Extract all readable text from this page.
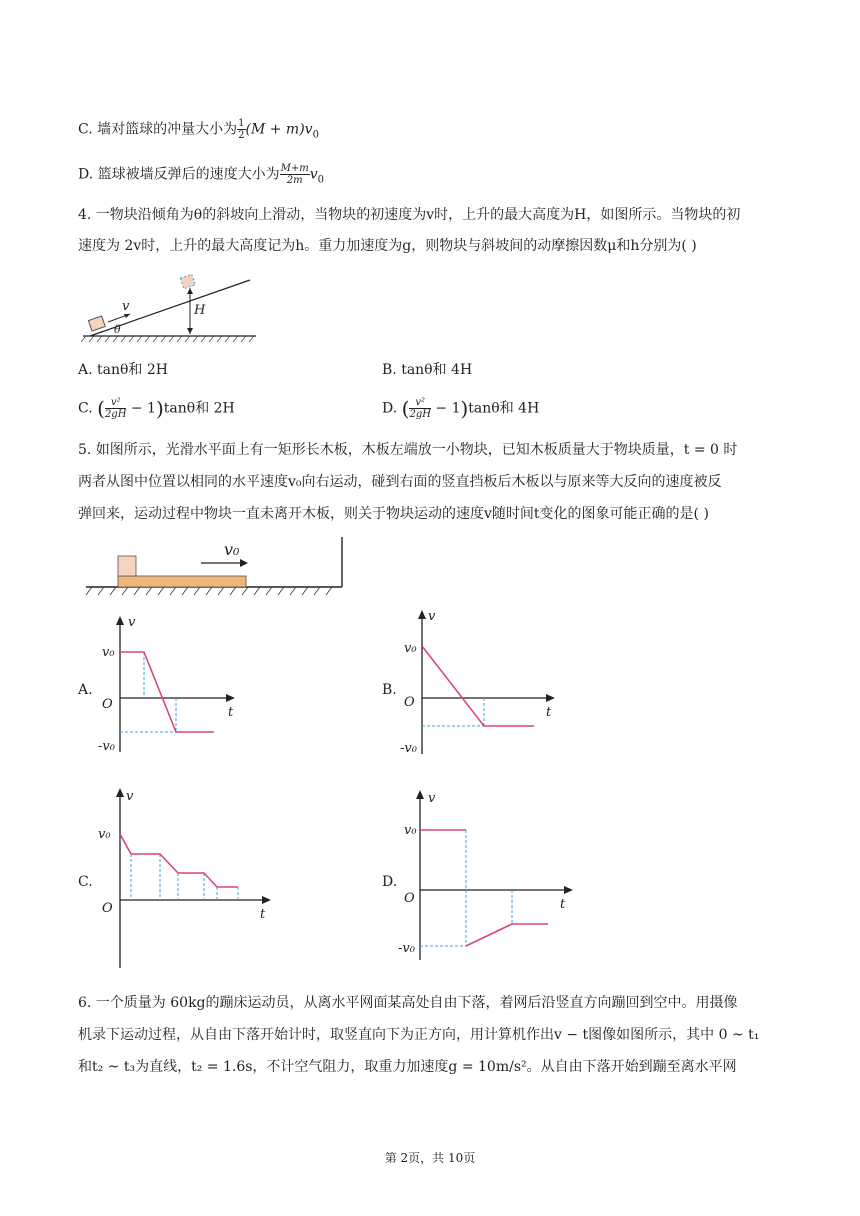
C. 墙对篮球的冲量大小为 $\frac{1}{2} (M + m)v_0$
D. 篮球被墙反弹后的速度大小为 $\frac{M+m}{2m} v_0$
4. 一物块沿倾角为θ的斜坡向上滑动，当物块的初速度为v时，上升的最大高度为H，如图所示。当物块的初
速度为 2v时，上升的最大高度记为h。重力加速度为g，则物块与斜坡间的动摩擦因数μ和h分别为( )
v
θ
H
A. tanθ和 2H	B. tanθ和 4H
C. ( $\frac{\text{v²}}{2gH} - 1)\tan\theta$和 2H	D. ( $\frac{\text{v²}}{2gH} - 1)\tan\theta$和 4H
5. 如图所示，光滑水平面上有一矩形长木板，木板左端放一小物块，已知木板质量大于物块质量，t = 0 时
两者从图中位置以相同的水平速度v₀向右运动，碰到右面的竖直挡板后木板以与原来等大反向的速度被反
弹回来，运动过程中物块一直未离开木板，则关于物块运动的速度v随时间t变化的图象可能正确的是( )
v₀
A.	B.
C.	D.
v
t
O
v₀
-v₀
v
t
O
v₀
-v₀
v
t
O
v₀
v
t
O
v₀
-v₀
6. 一个质量为 60kg的蹦床运动员，从离水平网面某高处自由下落，着网后沿竖直方向蹦回到空中。用摄像
机录下运动过程，从自由下落开始计时，取竖直向下为正方向，用计算机作出v − t图像如图所示，其中 0 ~ t₁
和t₂ ~ t₃为直线，t₂ = 1.6s，不计空气阻力，取重力加速度g = 10m/s²。从自由下落开始到蹦至离水平网
第 2页，共 10页
